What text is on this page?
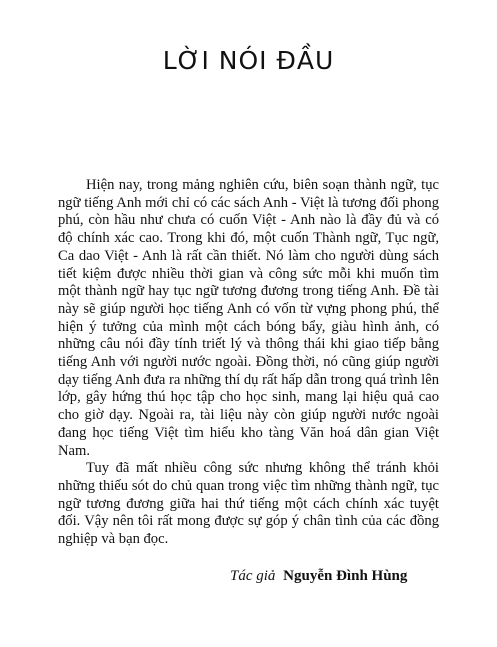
LỜI NÓI ĐẦU

Hiện nay, trong mảng nghiên cứu, biên soạn thành ngữ, tục ngữ tiếng Anh mới chỉ có các sách Anh - Việt là tương đối phong phú, còn hầu như chưa có cuốn Việt - Anh nào là đầy đủ và có độ chính xác cao. Trong khi đó, một cuốn Thành ngữ, Tục ngữ, Ca dao Việt - Anh là rất cần thiết. Nó làm cho người dùng sách tiết kiệm được nhiều thời gian và công sức mỗi khi muốn tìm một thành ngữ hay tục ngữ tương đương trong tiếng Anh. Đề tài này sẽ giúp người học tiếng Anh có vốn từ vựng phong phú, thể hiện ý tưởng của mình một cách bóng bẩy, giàu hình ảnh, có những câu nói đầy tính triết lý và thông thái khi giao tiếp bằng tiếng Anh với người nước ngoài. Đồng thời, nó cũng giúp người dạy tiếng Anh đưa ra những thí dụ rất hấp dẫn trong quá trình lên lớp, gây hứng thú học tập cho học sinh, mang lại hiệu quả cao cho giờ dạy. Ngoài ra, tài liệu này còn giúp người nước ngoài đang học tiếng Việt tìm hiểu kho tàng Văn hoá dân gian Việt Nam.

Tuy đã mất nhiều công sức nhưng không thể tránh khỏi những thiếu sót do chủ quan trong việc tìm những thành ngữ, tục ngữ tương đương giữa hai thứ tiếng một cách chính xác tuyệt đối. Vậy nên tôi rất mong được sự góp ý chân tình của các đồng nghiệp và bạn đọc.

Tác giả Nguyễn Đình Hùng
